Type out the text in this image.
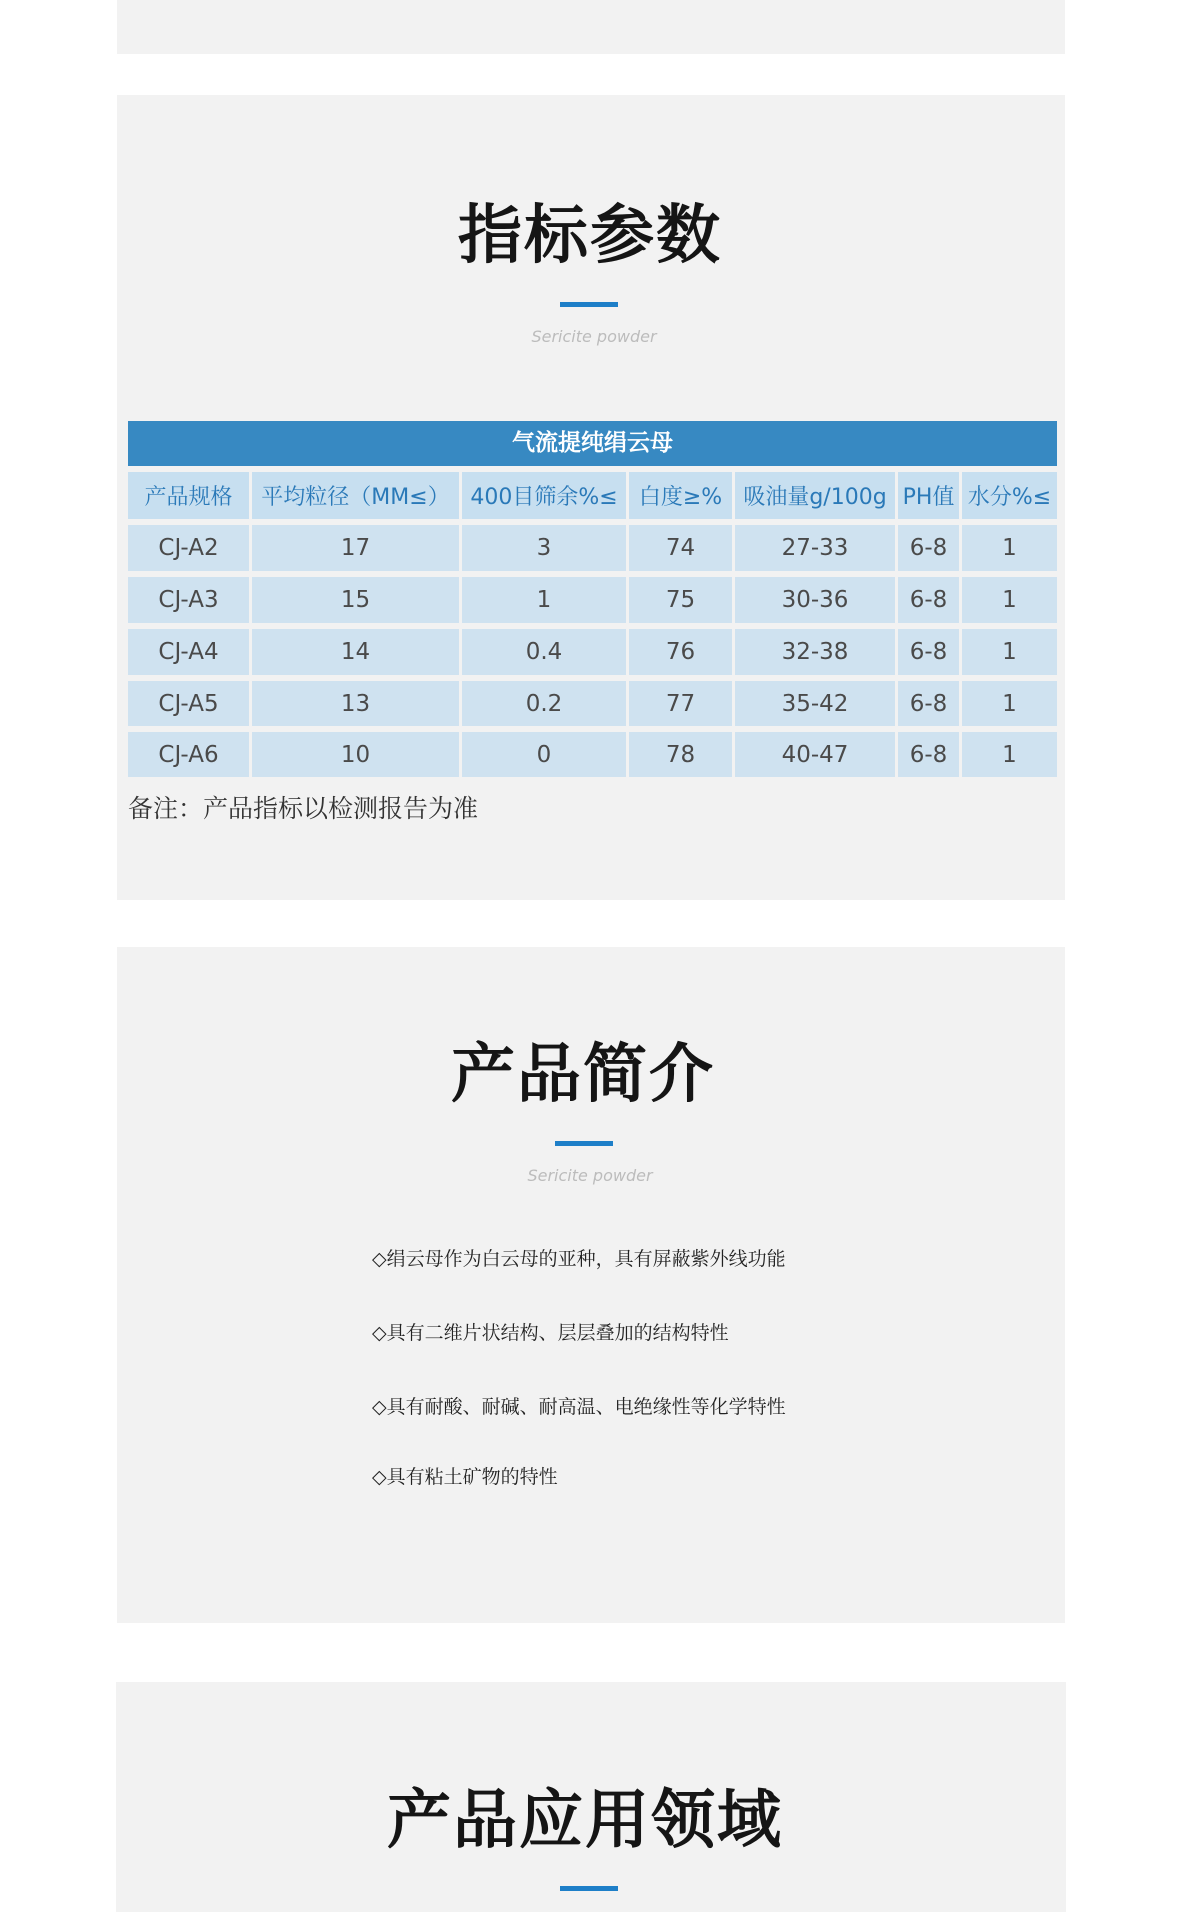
指标参数
Sericite powder
气流提纯绢云母
产品规格	平均粒径（MM≤） 400目筛余%≤ 白度≥% 吸油量g/100g PH值 水分%≤
CJ-A2	17	3	74	27-33	6-8	1
CJ-A3	15	1	75	30-36	6-8	1
CJ-A4	14	0.4	76	32-38	6-8	1
CJ-A5	13	0.2	77	35-42	6-8	1
CJ-A6	10	0	78	40-47	6-8	1
备注：产品指标以检测报告为准
产品简介
Sericite powder
◇绢云母作为白云母的亚种，具有屏蔽紫外线功能
◇具有二维片状结构、层层叠加的结构特性
◇具有耐酸、耐碱、耐高温、电绝缘性等化学特性
◇具有粘土矿物的特性
产品应用领域
